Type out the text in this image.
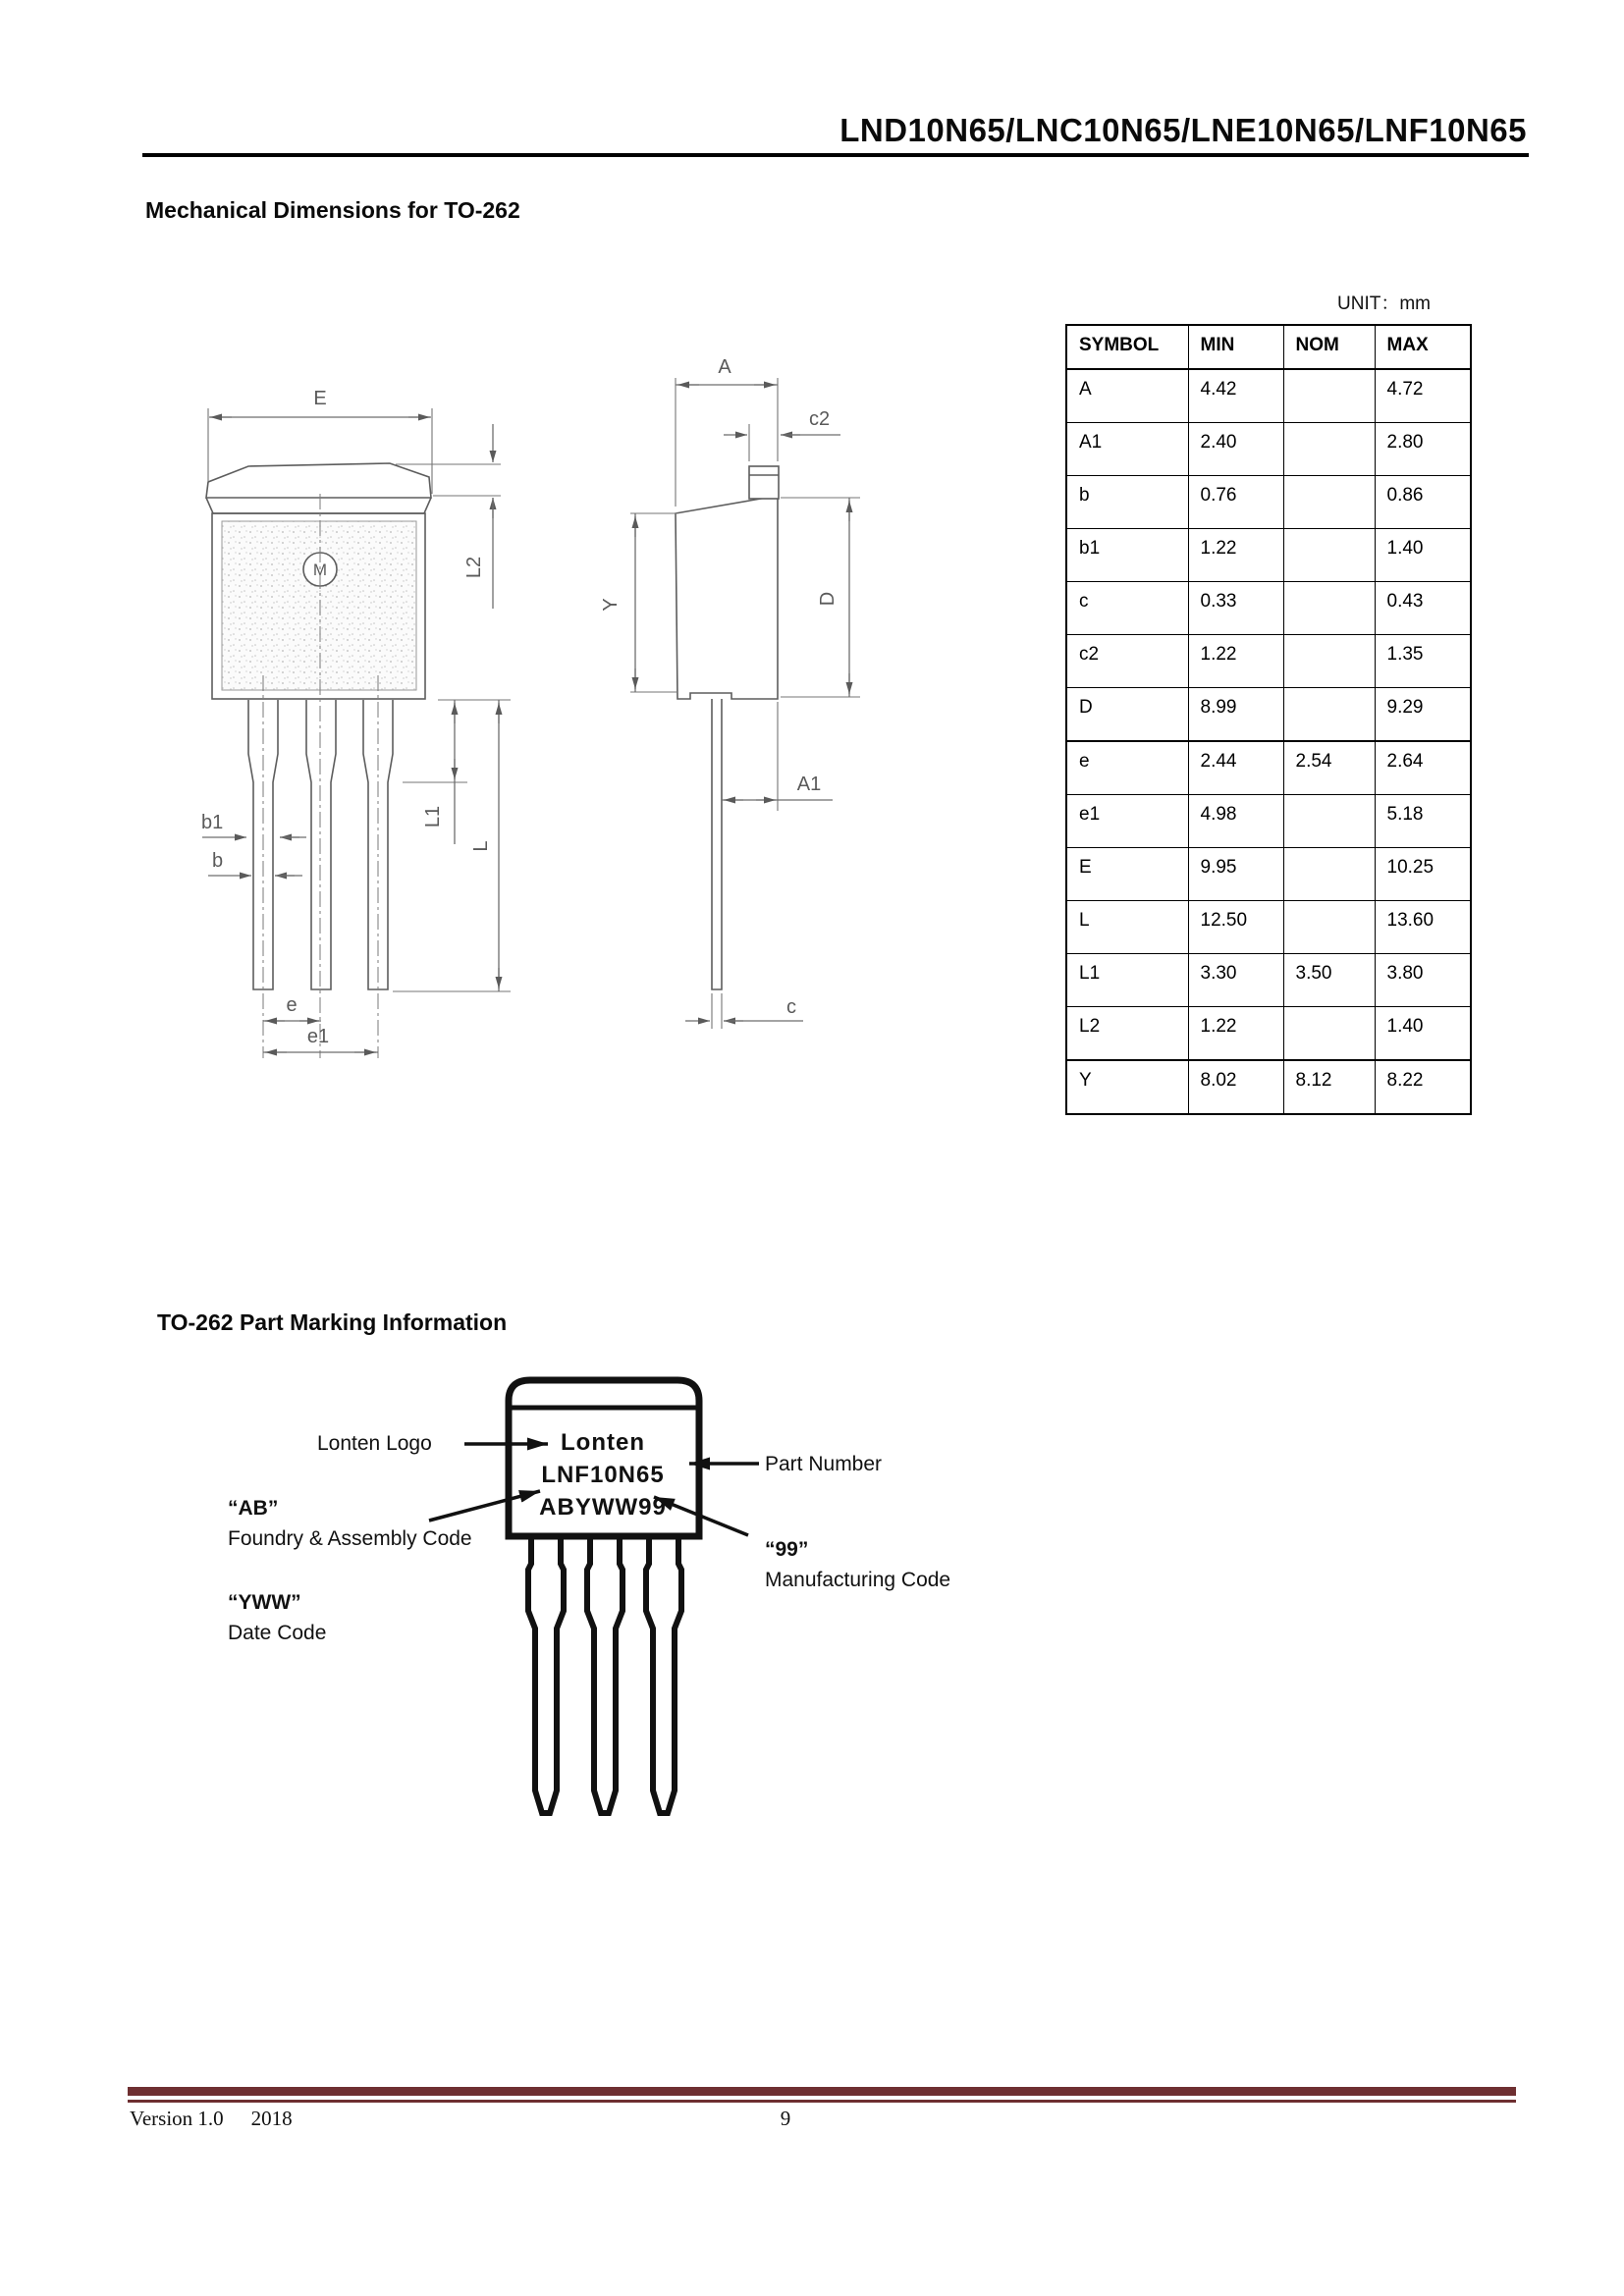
LND10N65/LNC10N65/LNE10N65/LNF10N65
Mechanical Dimensions for TO-262
UNIT：mm
M
E
L2
b1
b
e
e1
L1
L
A
c2
Y	D
A1
c
SYMBOL	MIN	NOM	MAX
A	4.42		4.72
A1	2.40		2.80
b	0.76		0.86
b1	1.22		1.40
c	0.33		0.43
c2	1.22		1.35
D	8.99		9.29
e	2.44	2.54	2.64
e1	4.98		5.18
E	9.95		10.25
L	12.50		13.60
L1	3.30	3.50	3.80
L2	1.22		1.40
Y	8.02	8.12	8.22
TO-262 Part Marking Information
Lonten
LNF10N65
ABYWW99
Lonten Logo
Part Number
“AB”
Foundry & Assembly Code	“99”
Manufacturing Code
“YWW”
Date Code
Version 1.0 2018	9
